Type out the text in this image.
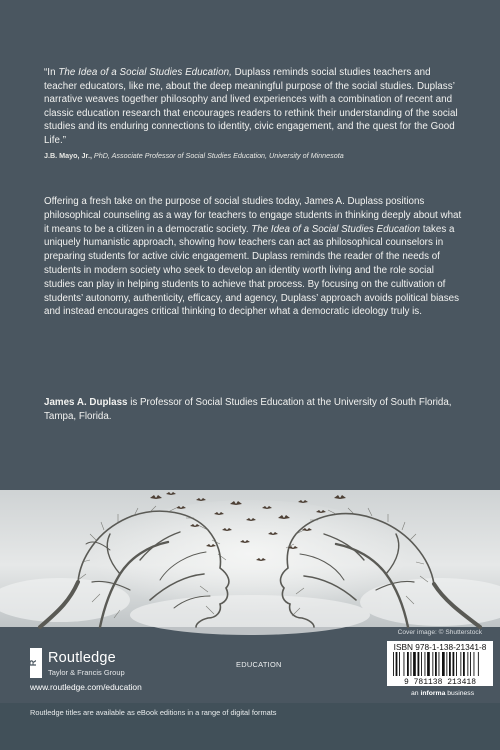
“In The Idea of a Social Studies Education, Duplass reminds social studies teachers and teacher educators, like me, about the deep meaningful purpose of the social studies. Duplass’ narrative weaves together philosophy and lived experiences with a combination of recent and classic education research that encourages readers to rethink their understanding of the social studies and its enduring connections to identity, civic engagement, and the quest for the Good Life.”

J.B. Mayo, Jr., PhD, Associate Professor of Social Studies Education, University of Minnesota

Offering a fresh take on the purpose of social studies today, James A. Duplass positions philosophical counseling as a way for teachers to engage students in thinking deeply about what it means to be a citizen in a democratic society. The Idea of a Social Studies Education takes a uniquely humanistic approach, showing how teachers can act as philosophical counselors in preparing students for active civic engagement. Duplass reminds the reader of the needs of students in modern society who seek to develop an identity worth living and the role social studies can play in helping students to achieve that process. By focusing on the cultivation of students’ autonomy, authenticity, efficacy, and agency, Duplass’ approach avoids political biases and instead encourages critical thinking to decipher what a democratic ideology truly is.

James A. Duplass is Professor of Social Studies Education at the University of South Florida, Tampa, Florida.

Cover image: © Shutterstock
R Routledge
Taylor & Francis Group
www.routledge.com/education
EDUCATION
ISBN 978-1-138-21341-8
9 781138 213418
an informa business
Routledge titles are available as eBook editions in a range of digital formats
